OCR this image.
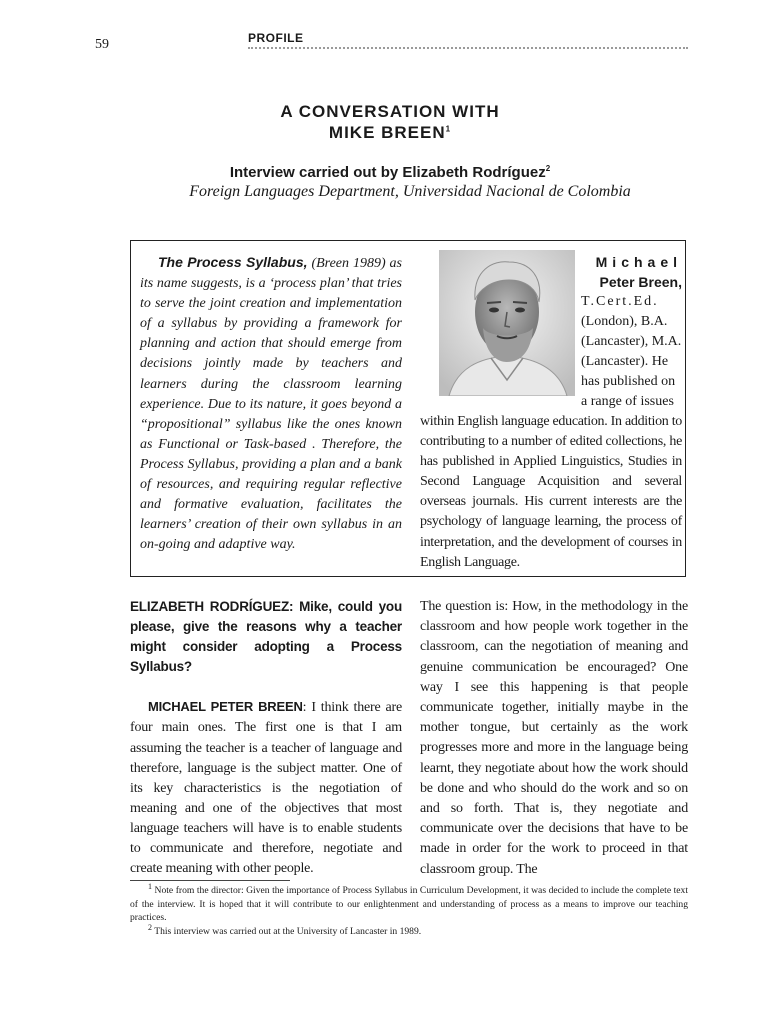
59	PROFILE
A CONVERSATION WITH
MIKE BREEN$^1$
Interview carried out by Elizabeth Rodríguez$^2$
Foreign Languages Department, Universidad Nacional de Colombia
The Process Syllabus, (Breen 1989) as its name suggests, is a ‘process plan’ that tries to serve the joint creation and implementation of a syllabus by providing a framework for planning and action that should emerge from decisions jointly made by teachers and learners during the classroom learning experience. Due to its nature, it goes beyond a “propositional” syllabus like the ones known as Functional or Task-based . Therefore, the Process Syllabus, providing a plan and a bank of resources, and requiring regular reflective and formative evaluation, facilitates the learners’ creation of their own syllabus in an on-going and adaptive way.
Michael
Peter Breen,
T.Cert.Ed. (London), B.A. (Lancaster), M.A. (Lancaster). He has published on a range of issues
within English language education. In addition to contributing to a number of edited collections, he has published in Applied Linguistics, Studies in Second Language Acquisition and several overseas journals. His current interests are the psychology of language learning, the process of interpretation, and the development of courses in English Language.
ELIZABETH RODRÍGUEZ: Mike, could you please, give the reasons why a teacher might consider adopting a Process Syllabus?
MICHAEL PETER BREEN: I think there are four main ones. The first one is that I am assuming the teacher is a teacher of language and therefore, language is the subject matter. One of its key characteristics is the negotiation of meaning and one of the objectives that most language teachers will have is to enable students to communicate and therefore, negotiate and create meaning with other people.
The question is: How, in the methodology in the classroom and how people work together in the classroom, can the negotiation of meaning and genuine communication be encouraged? One way I see this happening is that people communicate together, initially maybe in the mother tongue, but certainly as the work progresses more and more in the language being learnt, they negotiate about how the work should be done and who should do the work and so on and so forth. That is, they negotiate and communicate over the decisions that have to be made in order for the work to proceed in that classroom group. The

$^1$ Note from the director: Given the importance of Process Syllabus in Curriculum Development, it was decided to include the complete text of the interview. It is hoped that it will contribute to our enlightenment and understanding of process as a means to improve our teaching practices.

$^2$ This interview was carried out at the University of Lancaster in 1989.
